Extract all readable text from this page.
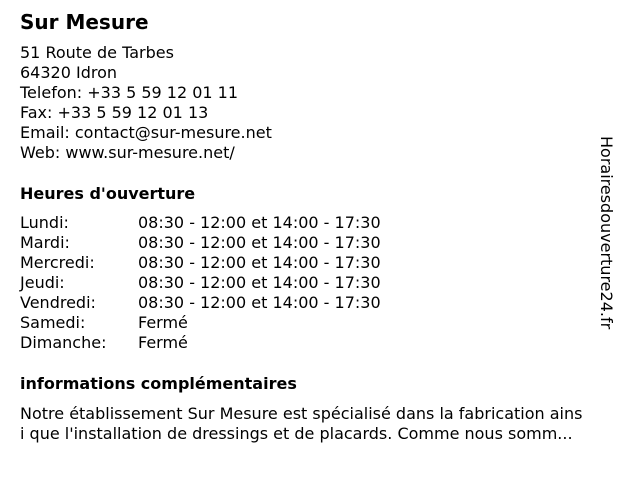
Sur Mesure
51 Route de Tarbes
64320 Idron
Telefon: +33 5 59 12 01 11
Fax: +33 5 59 12 01 13
Email: contact@sur-mesure.net
Web: www.sur-mesure.net/
Heures d'ouverture
Lundi:	08:30 - 12:00 et 14:00 - 17:30
Mardi:	08:30 - 12:00 et 14:00 - 17:30
Mercredi:	08:30 - 12:00 et 14:00 - 17:30
Jeudi:	08:30 - 12:00 et 14:00 - 17:30
Vendredi:	08:30 - 12:00 et 14:00 - 17:30
Samedi:	Fermé
Dimanche: Fermé
informations complémentaires
Notre établissement Sur Mesure est spécialisé dans la fabrication ains
i que l'installation de dressings et de placards. Comme nous somm...
Horairesdouverture24.fr
